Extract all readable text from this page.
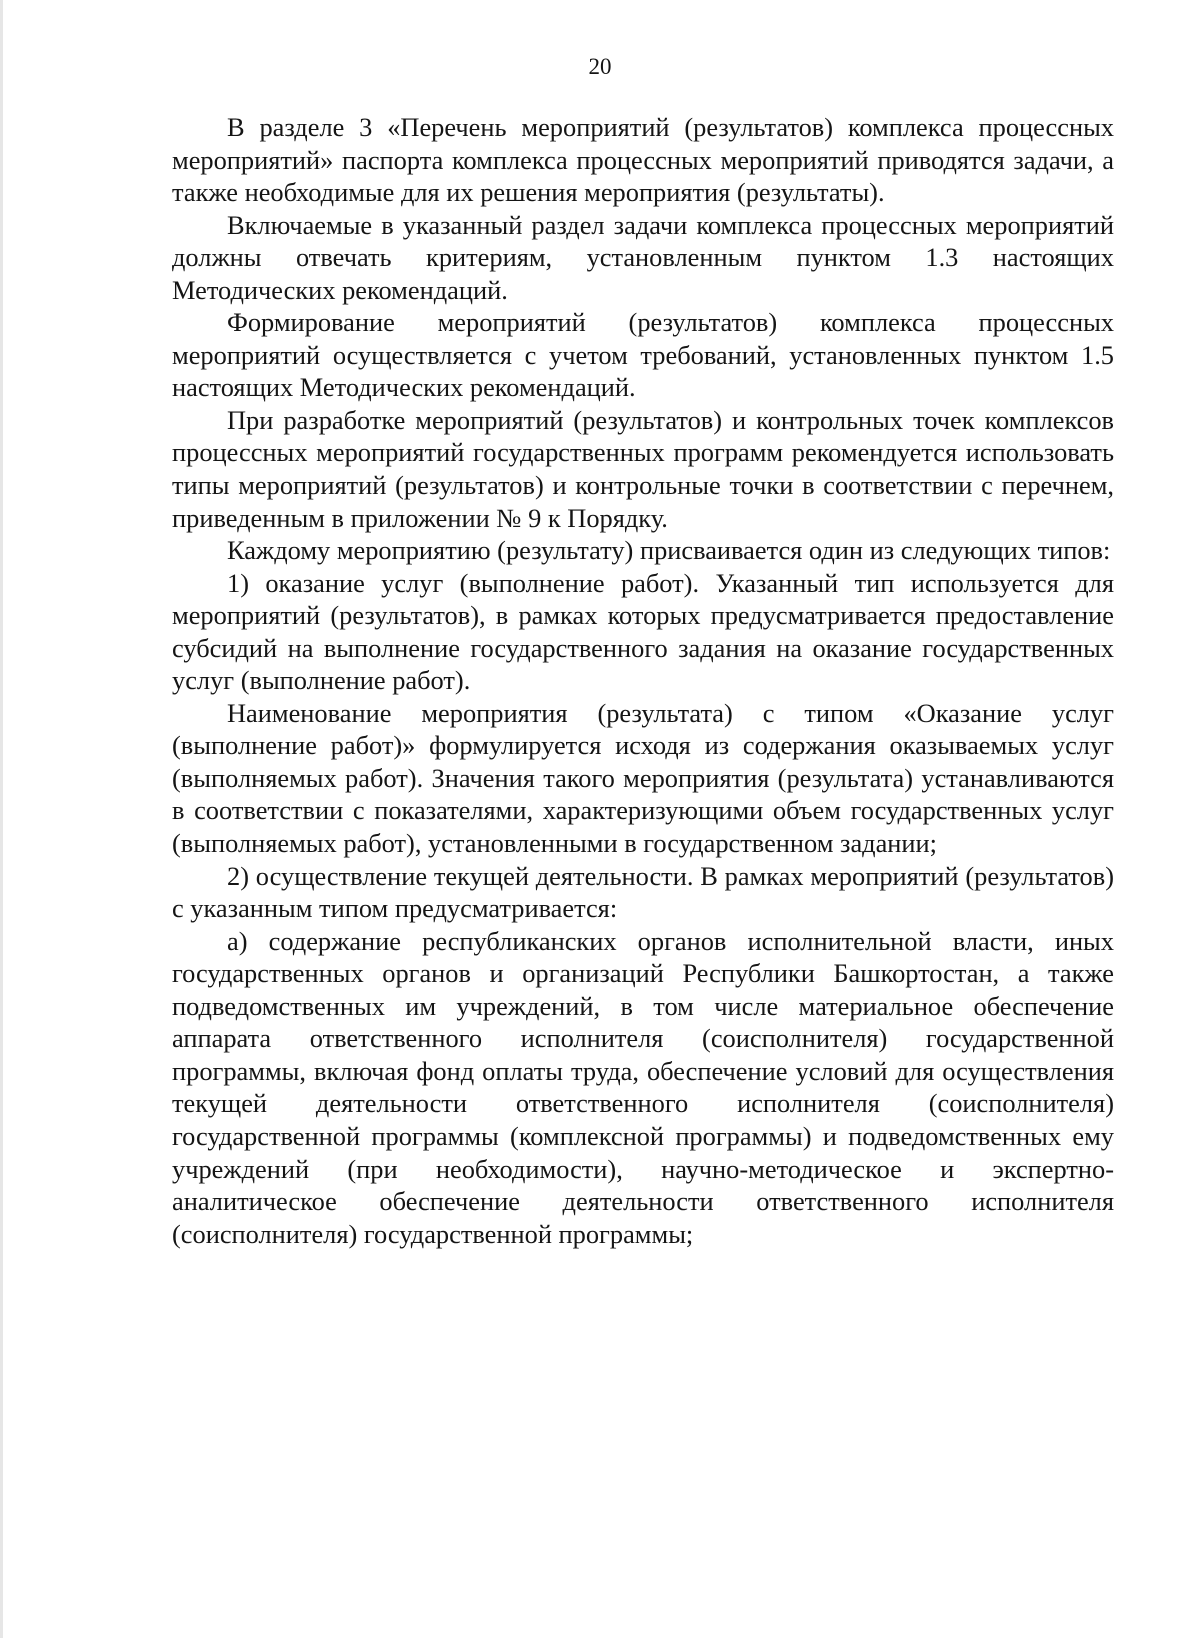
20

В разделе 3 «Перечень мероприятий (результатов) комплекса процессных мероприятий» паспорта комплекса процессных мероприятий приводятся задачи, а также необходимые для их решения мероприятия (результаты).

Включаемые в указанный раздел задачи комплекса процессных мероприятий должны отвечать критериям, установленным пунктом 1.3 настоящих Методических рекомендаций.

Формирование мероприятий (результатов) комплекса процессных мероприятий осуществляется с учетом требований, установленных пунктом 1.5 настоящих Методических рекомендаций.

При разработке мероприятий (результатов) и контрольных точек комплексов процессных мероприятий государственных программ рекомендуется использовать типы мероприятий (результатов) и контрольные точки в соответствии с перечнем, приведенным в приложении № 9 к Порядку.

Каждому мероприятию (результату) присваивается один из следующих типов:

1) оказание услуг (выполнение работ). Указанный тип используется для мероприятий (результатов), в рамках которых предусматривается предоставление субсидий на выполнение государственного задания на оказание государственных услуг (выполнение работ).

Наименование мероприятия (результата) с типом «Оказание услуг (выполнение работ)» формулируется исходя из содержания оказываемых услуг (выполняемых работ). Значения такого мероприятия (результата) устанавливаются в соответствии с показателями, характеризующими объем государственных услуг (выполняемых работ), установленными в государственном задании;

2) осуществление текущей деятельности. В рамках мероприятий (результатов) с указанным типом предусматривается:

а) содержание республиканских органов исполнительной власти, иных государственных органов и организаций Республики Башкортостан, а также подведомственных им учреждений, в том числе материальное обеспечение аппарата ответственного исполнителя (соисполнителя) государственной программы, включая фонд оплаты труда, обеспечение условий для осуществления текущей деятельности ответственного исполнителя (соисполнителя) государственной программы (комплексной программы) и подведомственных ему учреждений (при необходимости), научно-методическое и экспертно-аналитическое обеспечение деятельности ответственного исполнителя (соисполнителя) государственной программы;
